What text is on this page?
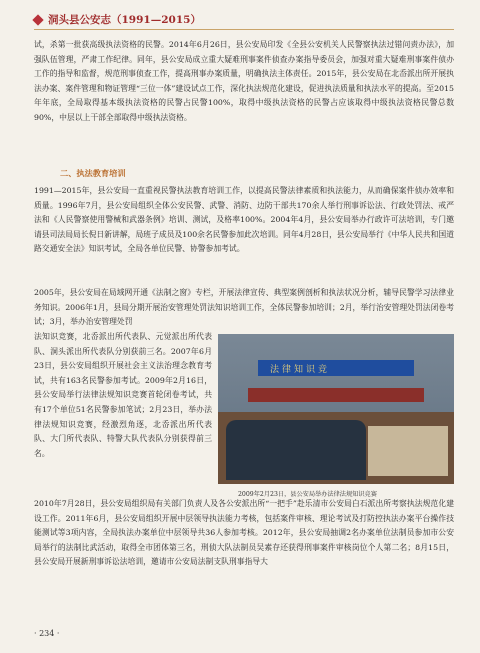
洞头县公安志（1991—2015）

试，杀第一批获高级执法资格的民警。2014年6月26日，县公安局印发《全县公安机关人民警察执法过错问责办法》，加强队伍管理，严肃工作纪律。同年，县公安局成立重大疑难刑事案件侦查办案指导委员会，加强对重大疑难刑事案件侦办工作的指导和监督，规范刑事侦查工作，提高刑事办案质量，明确执法主体责任。2015年，县公安局在北岙派出所开展执法办案、案件管理和物证管理“三位一体”建设试点工作，深化执法规范化建设，促进执法质量和执法水平的提高。至2015年年底，全局取得基本级执法资格的民警占民警100%，取得中级执法资格的民警占应该取得中级执法资格民警总数90%，中层以上干部全部取得中级执法资格。

二、执法教育培训

1991—2015年，县公安局一直重视民警执法教育培训工作，以提高民警法律素质和执法能力，从而确保案件侦办效率和质量。1996年7月，县公安局组织全体公安民警、武警、消防、边防干部共170余人举行刑事诉讼法、行政处罚法、戒严法和《人民警察使用警械和武器条例》培训、测试，及格率100%。2004年4月，县公安局举办行政许可法培训，专门邀请县司法局局长倪日新讲解，局班子成员及100余名民警参加此次培训。同年4月28日，县公安局举行《中华人民共和国道路交通安全法》知识考试，全局各单位民警、协警参加考试。

2005年，县公安局在局域网开通《法制之窗》专栏，开展法律宣传、典型案例剖析和执法状况分析，辅导民警学习法律业务知识。2006年1月，县局分期开展治安管理处罚法知识培训工作，全体民警参加培训；2月，举行治安管理处罚法闭卷考试；3月，举办治安管理处罚

法知识竞赛，北岙派出所代表队、元觉派出所代表队、洞头派出所代表队分别获前三名。2007年6月23日，县公安局组织开展社会主义法治理念教育考试，共有163名民警参加考试。2009年2月16日，县公安局举行法律法规知识竞赛首轮闭卷考试，共有17个单位51名民警参加笔试；2月23日，举办法律法规知识竞赛，经激烈角逐，北岙派出所代表队、大门所代表队、特警大队代表队分别获得前三名。

法律知识竞
2009年2月23日，县公安局举办法律法规知识竞赛

2010年7月28日，县公安局组织局有关部门负责人及各公安派出所“一把手”赴乐清市公安局白石派出所考察执法规范化建设工作。2011年6月，县公安局组织开展中层领导执法能力考核，包括案件审核、理论考试及打防控执法办案平台操作技能测试等3项内容，全局执法办案单位中层领导共36人参加考核。2012年，县公安局抽调2名办案单位法制员参加市公安局举行的法制比武活动，取得全市团体第三名，刑侦大队法制员吴素存还获得刑事案件审核岗位个人第二名；8月15日，县公安局开展新刑事诉讼法培训，邀请市公安局法制支队刑事指导大

· 234 ·
